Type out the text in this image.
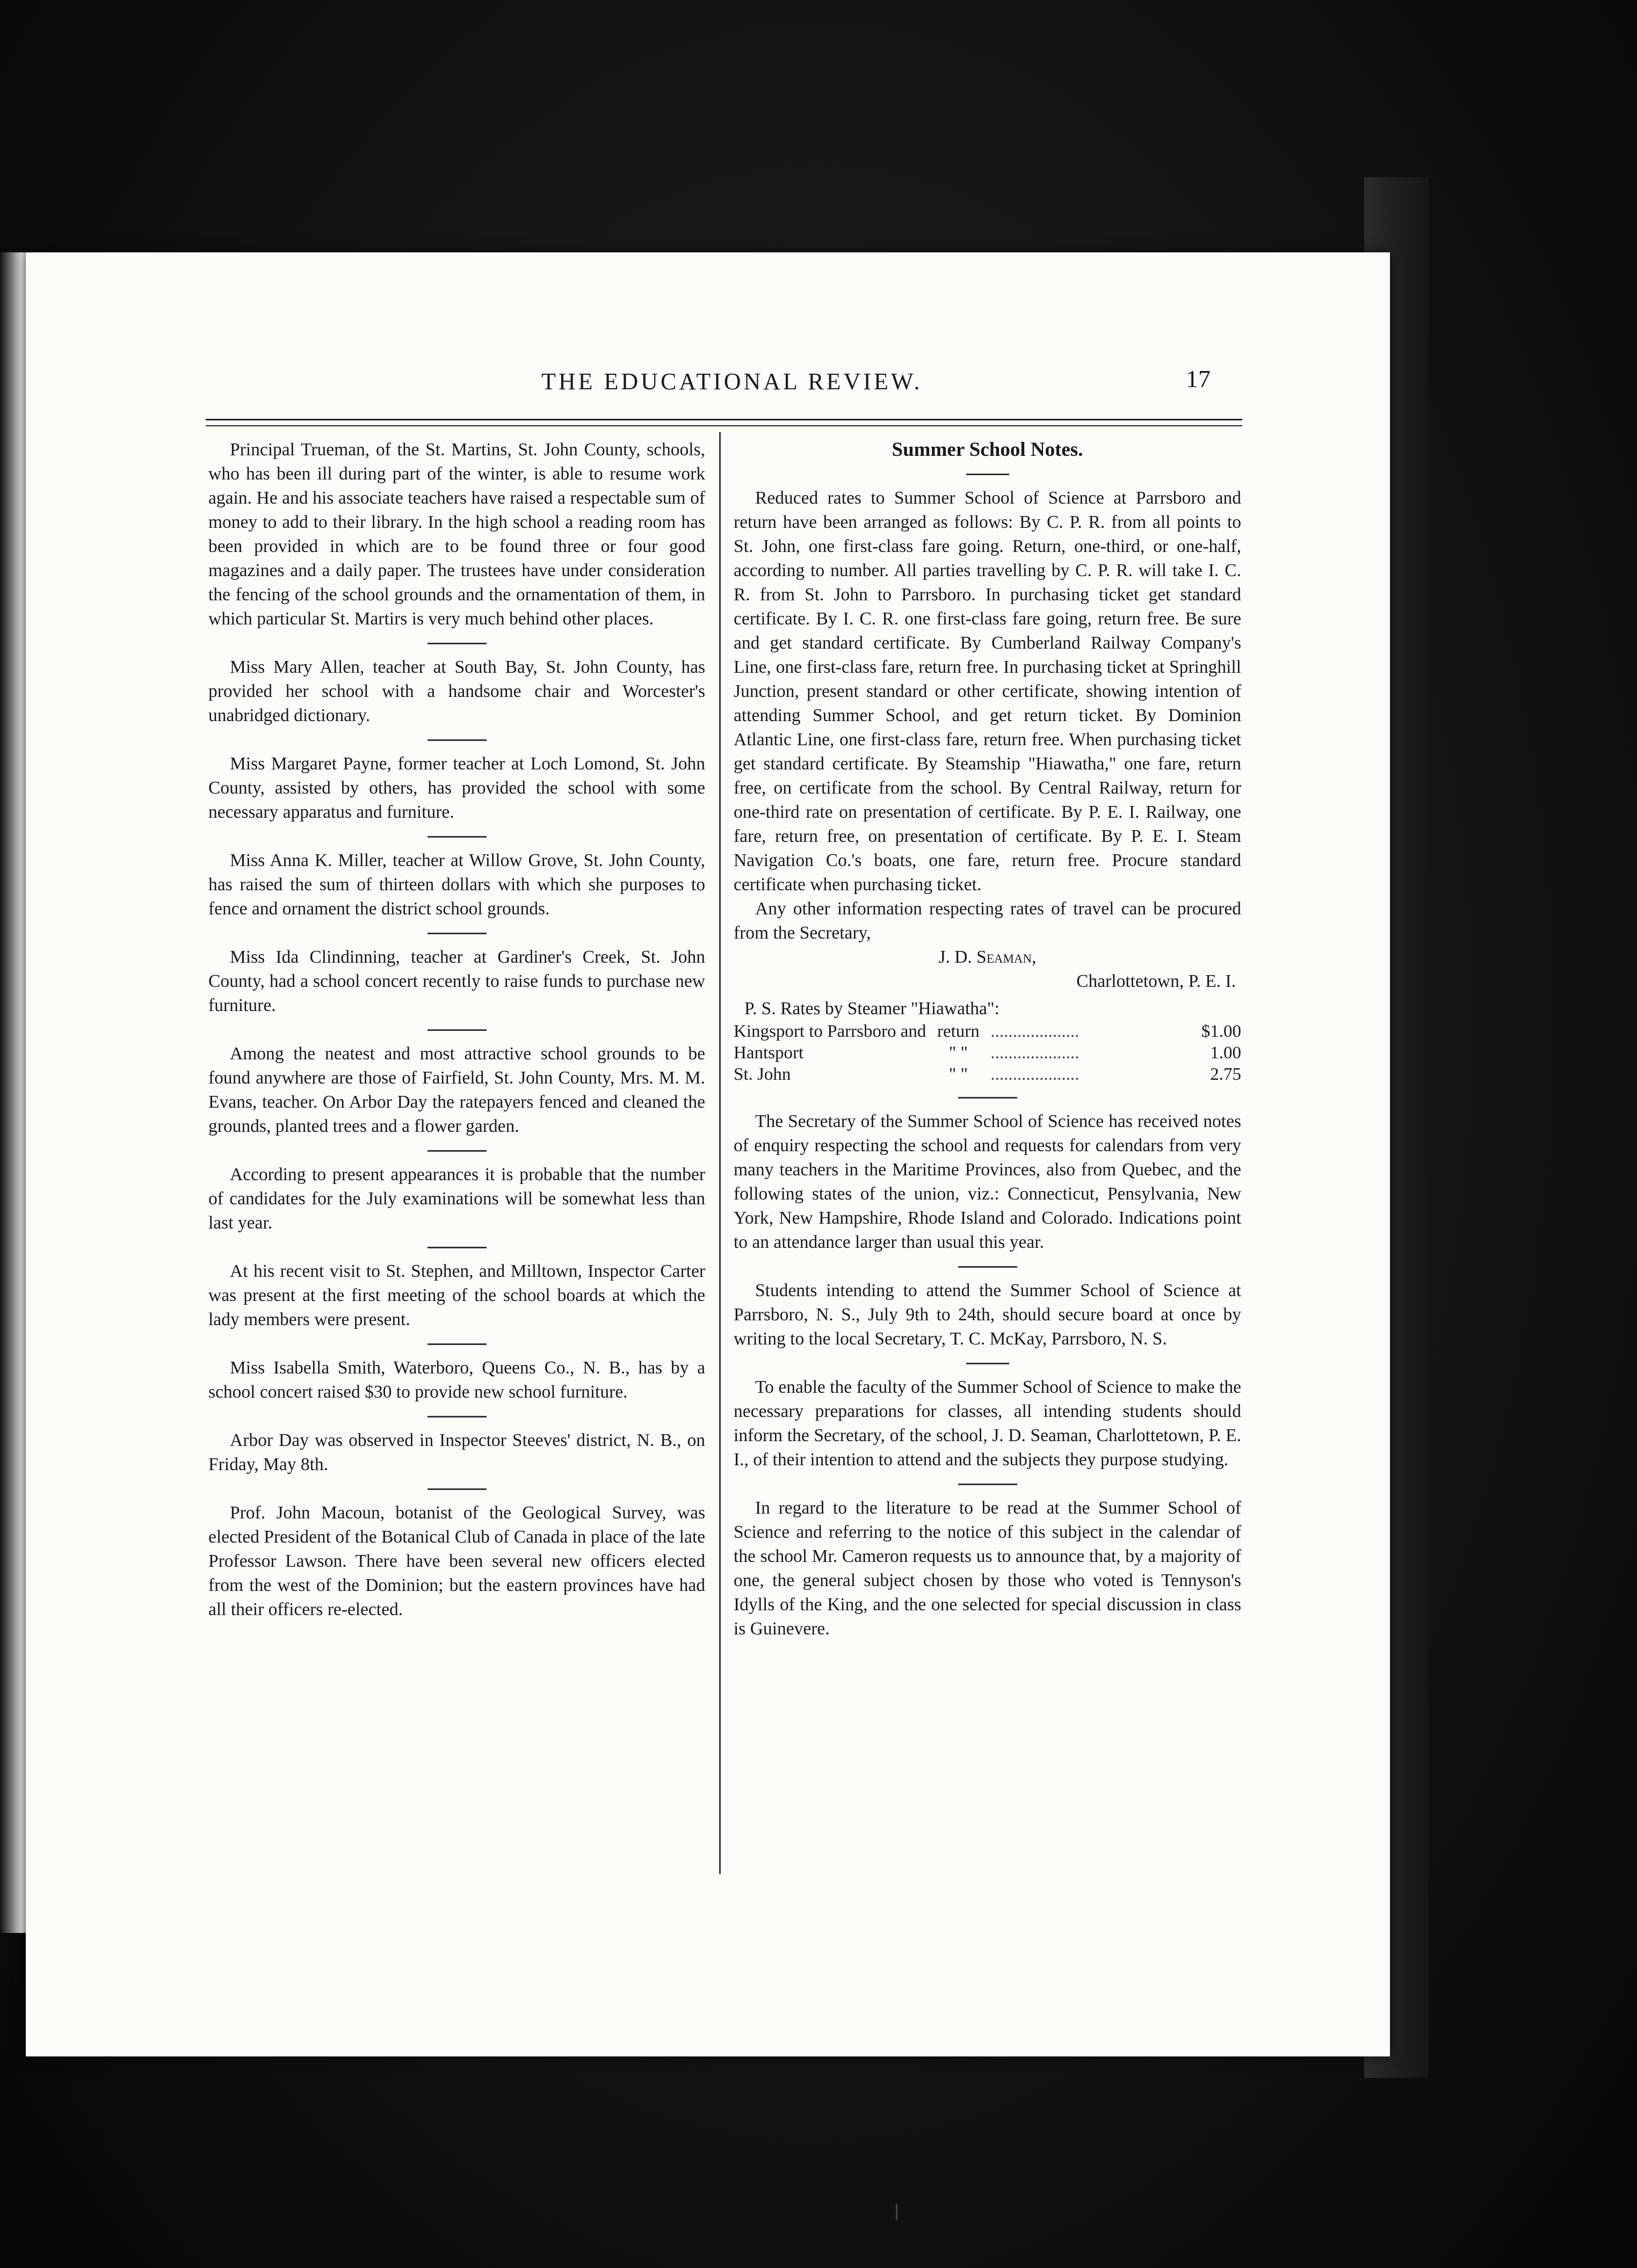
THE EDUCATIONAL REVIEW.	17

Principal Trueman, of the St. Martins, St. John County, schools, who has been ill during part of the winter, is able to resume work again. He and his associate teachers have raised a respectable sum of money to add to their library. In the high school a reading room has been provided in which are to be found three or four good magazines and a daily paper. The trustees have under consideration the fencing of the school grounds and the ornamentation of them, in which particular St. Martirs is very much behind other places.

Miss Mary Allen, teacher at South Bay, St. John County, has provided her school with a handsome chair and Worcester's unabridged dictionary.

Miss Margaret Payne, former teacher at Loch Lomond, St. John County, assisted by others, has provided the school with some necessary apparatus and furniture.

Miss Anna K. Miller, teacher at Willow Grove, St. John County, has raised the sum of thirteen dollars with which she purposes to fence and ornament the district school grounds.

Miss Ida Clindinning, teacher at Gardiner's Creek, St. John County, had a school concert recently to raise funds to purchase new furniture.

Among the neatest and most attractive school grounds to be found anywhere are those of Fairfield, St. John County, Mrs. M. M. Evans, teacher. On Arbor Day the ratepayers fenced and cleaned the grounds, planted trees and a flower garden.

According to present appearances it is probable that the number of candidates for the July examinations will be somewhat less than last year.

At his recent visit to St. Stephen, and Milltown, Inspector Carter was present at the first meeting of the school boards at which the lady members were present.

Miss Isabella Smith, Waterboro, Queens Co., N. B., has by a school concert raised $30 to provide new school furniture.

Arbor Day was observed in Inspector Steeves' district, N. B., on Friday, May 8th.

Prof. John Macoun, botanist of the Geological Survey, was elected President of the Botanical Club of Canada in place of the late Professor Lawson. There have been several new officers elected from the west of the Dominion; but the eastern provinces have had all their officers re-elected.

Summer School Notes.

Reduced rates to Summer School of Science at Parrsboro and return have been arranged as follows: By C. P. R. from all points to St. John, one first-class fare going. Return, one-third, or one-half, according to number. All parties travelling by C. P. R. will take I. C. R. from St. John to Parrsboro. In purchasing ticket get standard certificate. By I. C. R. one first-class fare going, return free. Be sure and get standard certificate. By Cumberland Railway Company's Line, one first-class fare, return free. In purchasing ticket at Springhill Junction, present standard or other certificate, showing intention of attending Summer School, and get return ticket. By Dominion Atlantic Line, one first-class fare, return free. When purchasing ticket get standard certificate. By Steamship "Hiawatha," one fare, return free, on certificate from the school. By Central Railway, return for one-third rate on presentation of certificate. By P. E. I. Railway, one fare, return free, on presentation of certificate. By P. E. I. Steam Navigation Co.'s boats, one fare, return free. Procure standard certificate when purchasing ticket.

Any other information respecting rates of travel can be procured from the Secretary,

J. D. Seaman,

Charlottetown, P. E. I.

P. S. Rates by Steamer "Hiawatha":

Kingsport to Parrsboro and	return	....................	$1.00
Hantsport	" "	....................	1.00
St. John	" "	....................	2.75

The Secretary of the Summer School of Science has received notes of enquiry respecting the school and requests for calendars from very many teachers in the Maritime Provinces, also from Quebec, and the following states of the union, viz.: Connecticut, Pensylvania, New York, New Hampshire, Rhode Island and Colorado. Indications point to an attendance larger than usual this year.

Students intending to attend the Summer School of Science at Parrsboro, N. S., July 9th to 24th, should secure board at once by writing to the local Secretary, T. C. McKay, Parrsboro, N. S.

To enable the faculty of the Summer School of Science to make the necessary preparations for classes, all intending students should inform the Secretary, of the school, J. D. Seaman, Charlottetown, P. E. I., of their intention to attend and the subjects they purpose studying.

In regard to the literature to be read at the Summer School of Science and referring to the notice of this subject in the calendar of the school Mr. Cameron requests us to announce that, by a majority of one, the general subject chosen by those who voted is Tennyson's Idylls of the King, and the one selected for special discussion in class is Guinevere.
